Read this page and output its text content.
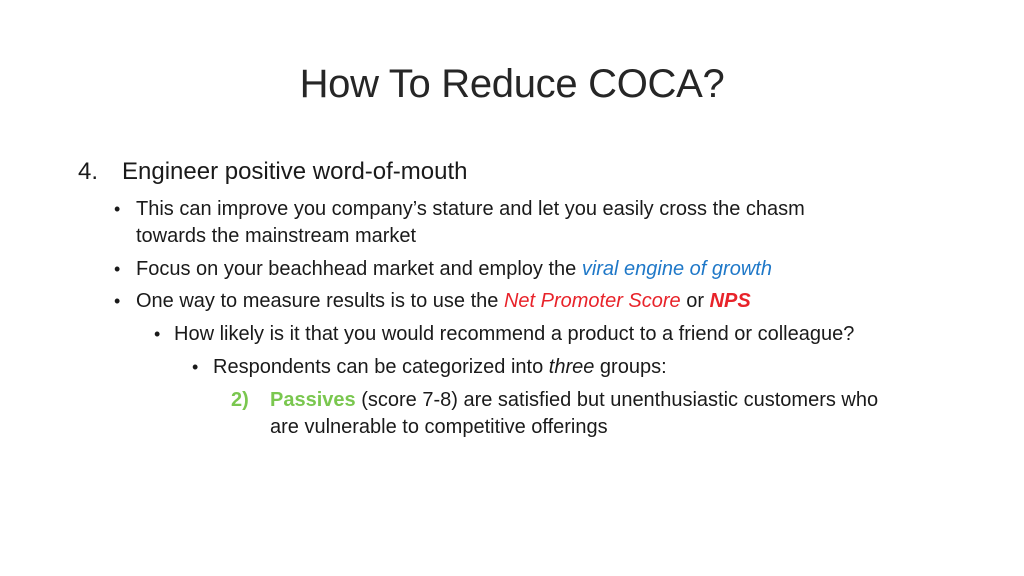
How To Reduce COCA?
4. Engineer positive word-of-mouth
• This can improve you company’s stature and let you easily cross the chasm
towards the mainstream market
• Focus on your beachhead market and employ the viral engine of growth
• One way to measure results is to use the Net Promoter Score or NPS
• How likely is it that you would recommend a product to a friend or colleague?
• Respondents can be categorized into three groups:
2) Passives (score 7-8) are satisfied but unenthusiastic customers who
are vulnerable to competitive offerings
